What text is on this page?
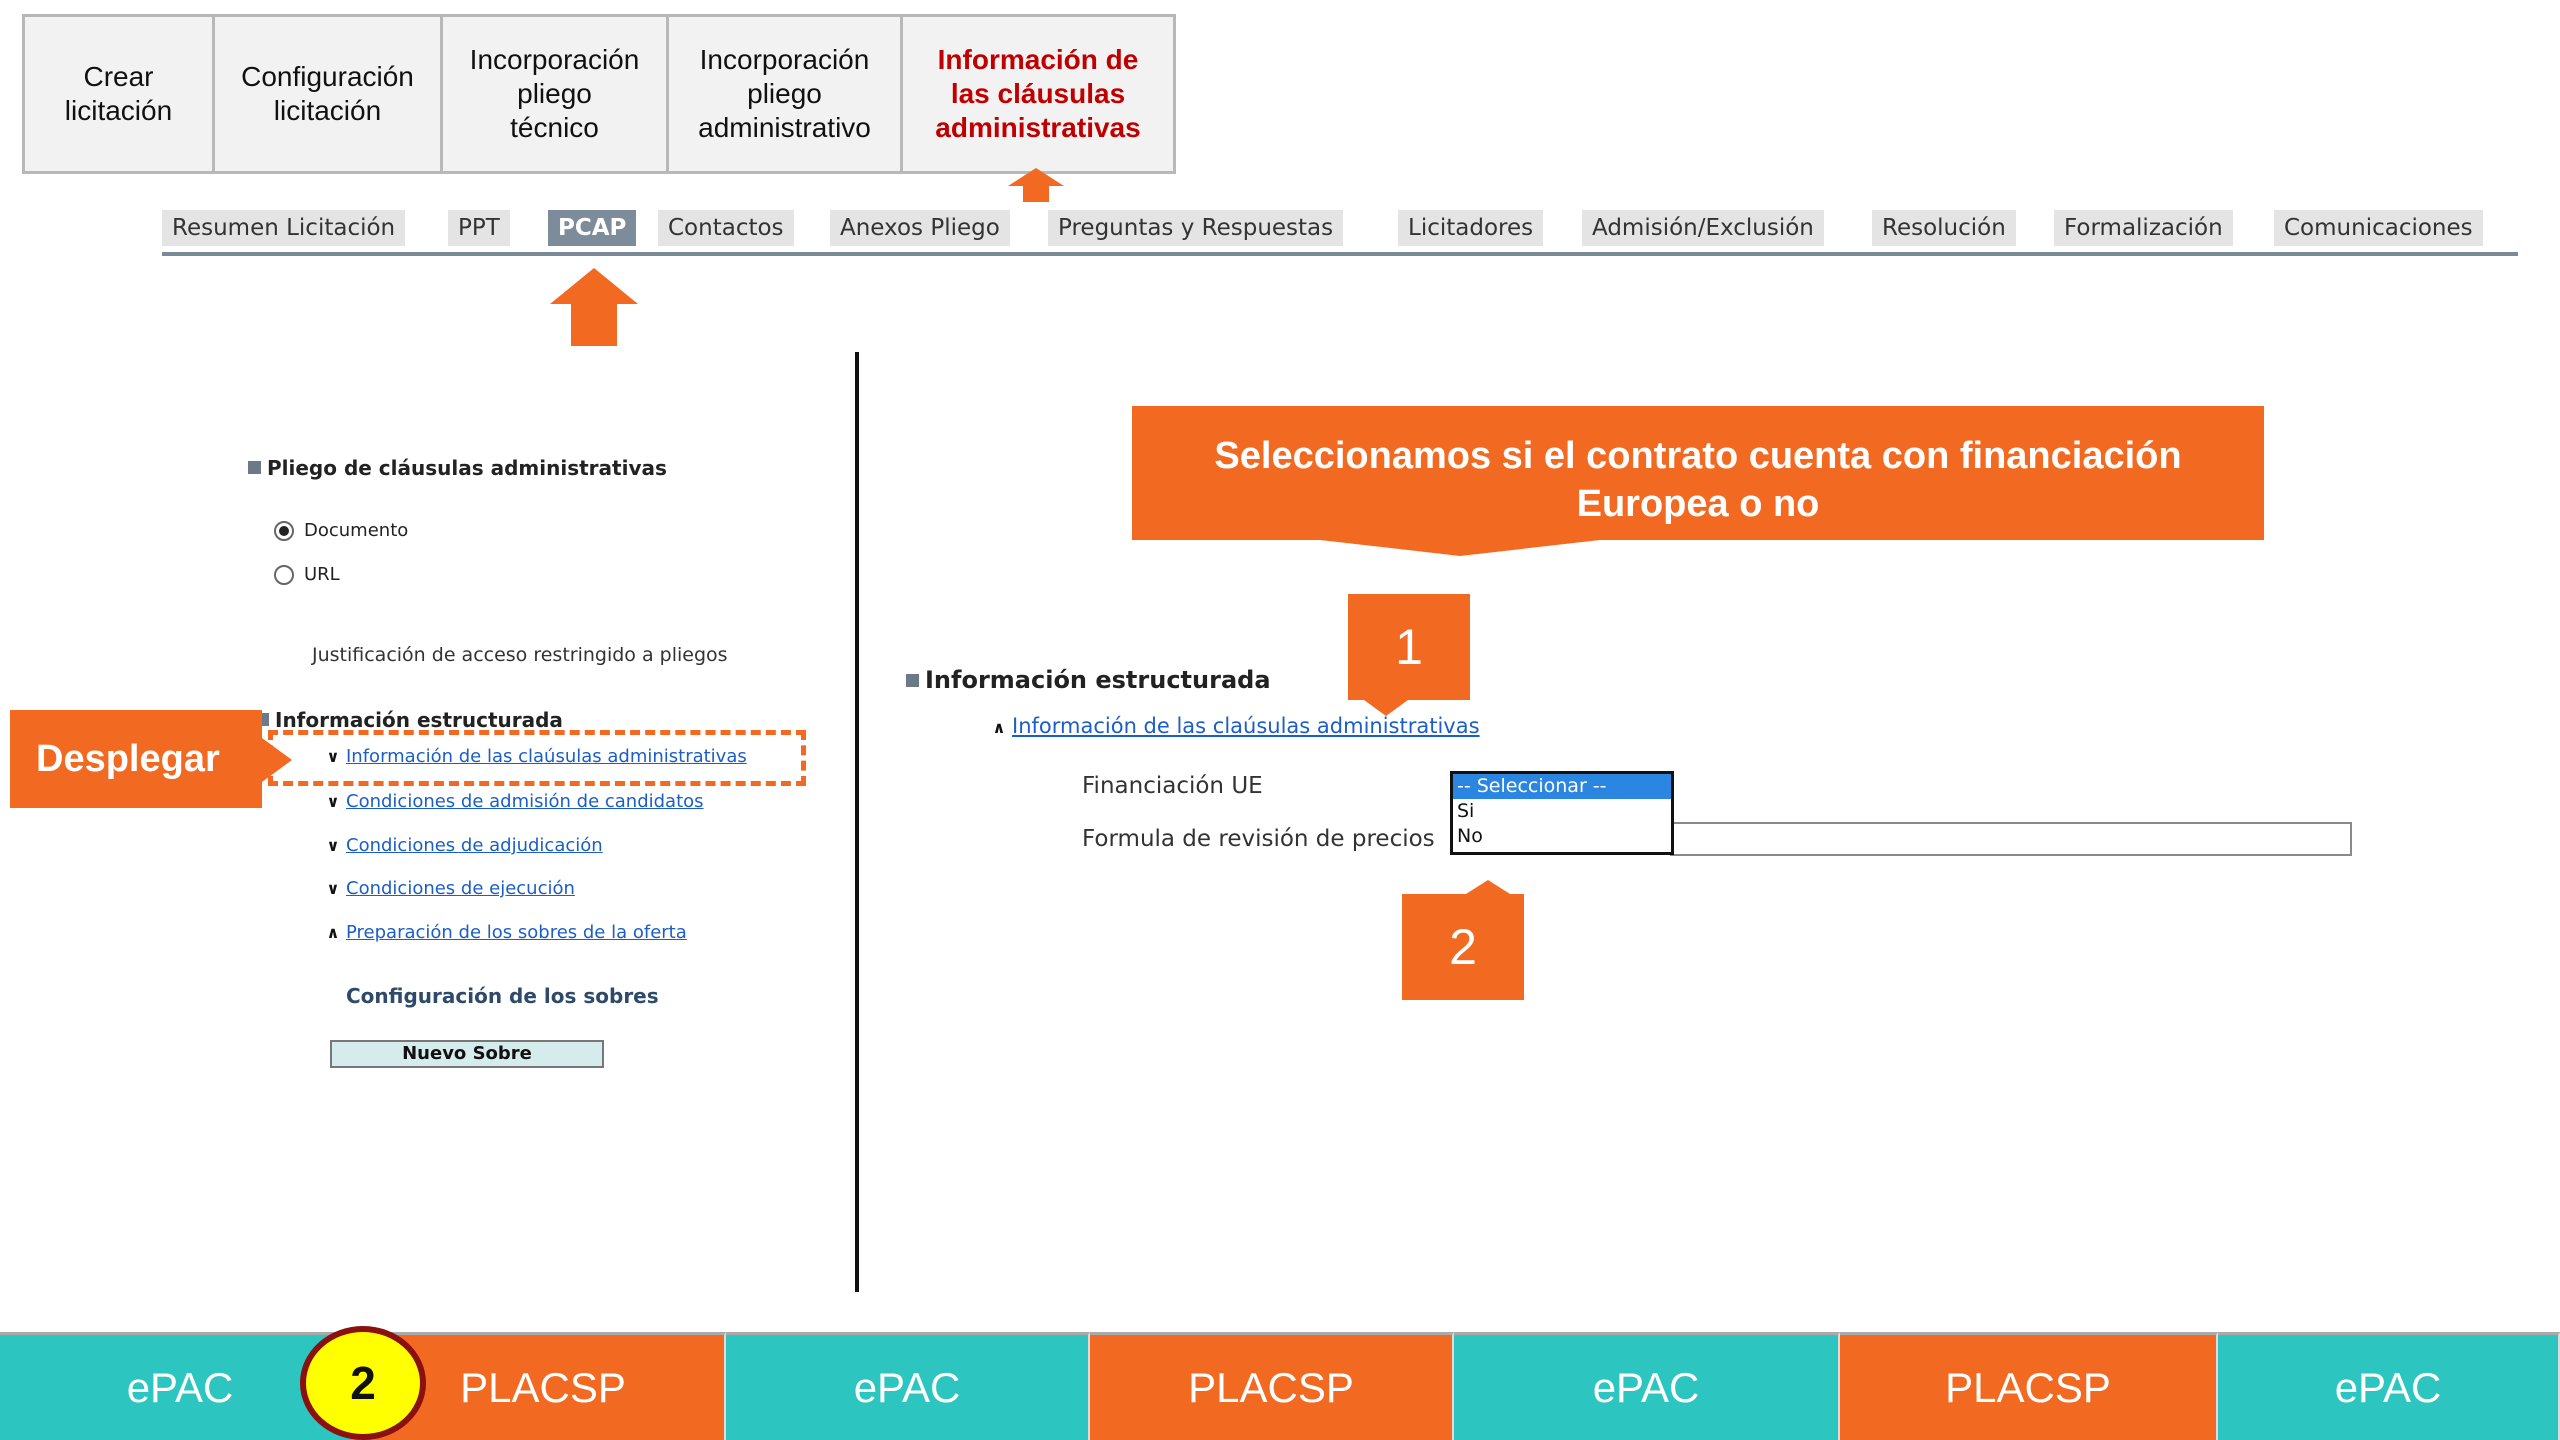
Crear
licitación
Configuración
licitación
Incorporación
pliego
técnico
Incorporación
pliego
administrativo
Información de
las cláusulas
administrativas
Resumen Licitación	PPT	PCAP	Contactos	Anexos Pliego	Preguntas y Respuestas	Licitadores	Admisión/Exclusión	Resolución	Formalización	Comunicaciones
Pliego de cláusulas administrativas
Documento
URL
Justificación de acceso restringido a pliegos
Información estructurada
∨ Información de las claúsulas administrativas
∨ Condiciones de admisión de candidatos
∨ Condiciones de adjudicación
∨ Condiciones de ejecución
∧ Preparación de los sobres de la oferta
Configuración de los sobres
Nuevo Sobre
Desplegar
Seleccionamos si el contrato cuenta con financiación
Europea o no
1
Información estructurada
∧ Información de las claúsulas administrativas
Financiación UE
Formula de revisión de precios
-- Seleccionar --
Si
No
2
ePAC	PLACSP	ePAC	PLACSP	ePAC	PLACSP	ePAC
2
